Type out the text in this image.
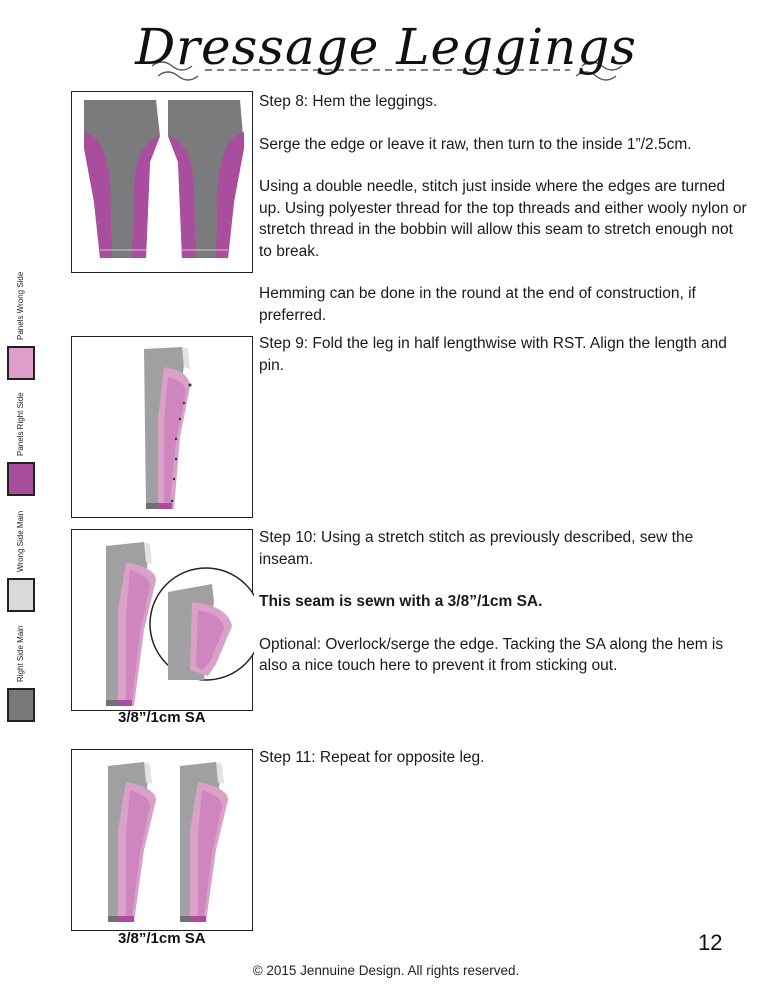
Dressage Leggings
3/8”/1cm SA
3/8”/1cm SA

Step 8: Hem the leggings.

Serge the edge or leave it raw, then turn to the inside 1”/2.5cm.

Using a double needle, stitch just inside where the edges are turned up. Using polyester thread for the top threads and either wooly nylon or stretch thread in the bobbin will allow this seam to stretch enough not to break.

Hemming can be done in the round at the end of construction, if preferred.

Step 9: Fold the leg in half lengthwise with RST. Align the length and pin.

Step 10: Using a stretch stitch as previously described, sew the inseam.

This seam is sewn with a 3/8”/1cm SA.

Optional: Overlock/serge the edge. Tacking the SA along the hem is also a nice touch here to prevent it from sticking out.

Step 11: Repeat for opposite leg.

Panels Wrong Side
Panels Right Side
Wrong Side Main
Right Side Main
12
© 2015 Jennuine Design. All rights reserved.
